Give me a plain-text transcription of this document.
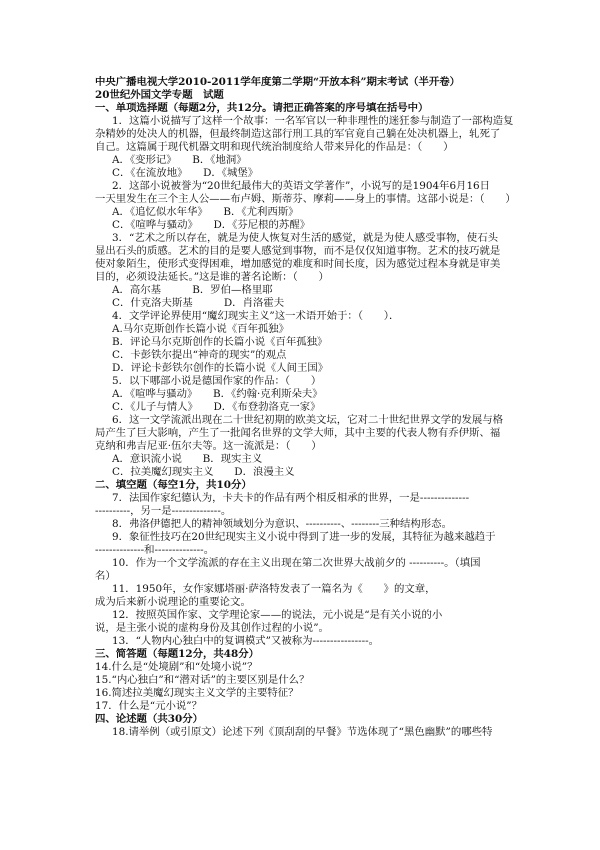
中央广播电视大学2010-2011学年度第二学期“开放本科”期末考试（半开卷）
20世纪外国文学专题　试题
一、单项选择题（每题2分，共12分。请把正确答案的序号填在括号中）
1．这篇小说描写了这样一个故事：一名军官以一种非理性的迷狂参与制造了一部构造复
杂精妙的处决人的机器，但最终制造这部行刑工具的军官竟自己躺在处决机器上，轧死了
自己。这篇属于现代机器文明和现代统治制度给人带来异化的作品是：（　　）
A．《变形记》　　B．《地洞》
C．《在流放地》　　D．《城堡》
2．这部小说被誉为“20世纪最伟大的英语文学著作”，小说写的是1904年6月16日
一天里发生在三个主人公——布卢姆、斯蒂芬、摩莉——身上的事情。这部小说是：（　　）
A．《追忆似水年华》　　B．《尤利西斯》
C．《喧哗与骚动》　　D．《芬尼根的苏醒》
3．“艺术之所以存在，就是为使人恢复对生活的感觉，就是为使人感受事物，使石头
显出石头的质感。艺术的目的是要人感觉到事物，而不是仅仅知道事物。艺术的技巧就是
使对象陌生，使形式变得困难，增加感觉的难度和时间长度，因为感觉过程本身就是审美
目的，必须设法延长。”这是谁的著名论断：（　　）
A．高尔基　　　B．罗伯—格里耶
C．什克洛夫斯基　　　D．肖洛霍夫
4．文学评论界使用“魔幻现实主义”这一术语开始于：（　　）．
A.马尔克斯创作长篇小说《百年孤独》
B．评论马尔克斯创作的长篇小说《百年孤独》
C．卡彭铁尔提出“神奇的现实”的观点
D．评论卡彭铁尔创作的长篇小说《人间王国》
5．以下哪部小说是德国作家的作品：（　　）
A．《喧哗与骚动》　　B．《约翰·克利斯朵夫》
C．《儿子与情人》　　D．《布登勃洛克一家》
6．这一文学流派出现在二十世纪初期的欧美文坛，它对二十世纪世界文学的发展与格
局产生了巨大影响，产生了一批闻名世界的文学大师，其中主要的代表人物有乔伊斯、福
克纳和弗吉尼亚·伍尔夫等。这一流派是：（　　）
A．意识流小说　　B．现实主义
C．拉美魔幻现实主义　　D．浪漫主义
二、填空题（每空1分，共10分）
7．法国作家纪德认为，卡夫卡的作品有两个相反相承的世界，一是--------------
----------，另一是--------------。
8．弗洛伊德把人的精神领域划分为意识、----------、--------三种结构形态。
9．象征性技巧在20世纪现实主义小说中得到了进一步的发展，其特征为越来越趋于
--------------和--------------。
10．作为一个文学流派的存在主义出现在第二次世界大战前夕的 ----------。（填国
名）
11．1950年，女作家娜塔丽·萨洛特发表了一篇名为《　　》的文章，
成为后来新小说理论的重要论文。
12．按照英国作家、文学理论家——的说法，元小说是“是有关小说的小
说，是主张小说的虚构身份及其创作过程的小说”。
13．“人物内心独白中的复调模式”又被称为----------------。
三、简答题（每题12分，共48分）
14.什么是“处境剧”和“处境小说”？
15.“内心独白”和“潜对话”的主要区别是什么？
16.简述拉美魔幻现实主义文学的主要特征？
17．什么是“元小说”？
四、论述题（共30分）
18.请举例（或引原文）论述下列《顶刮刮的早餐》节选体现了“黑色幽默”的哪些特
